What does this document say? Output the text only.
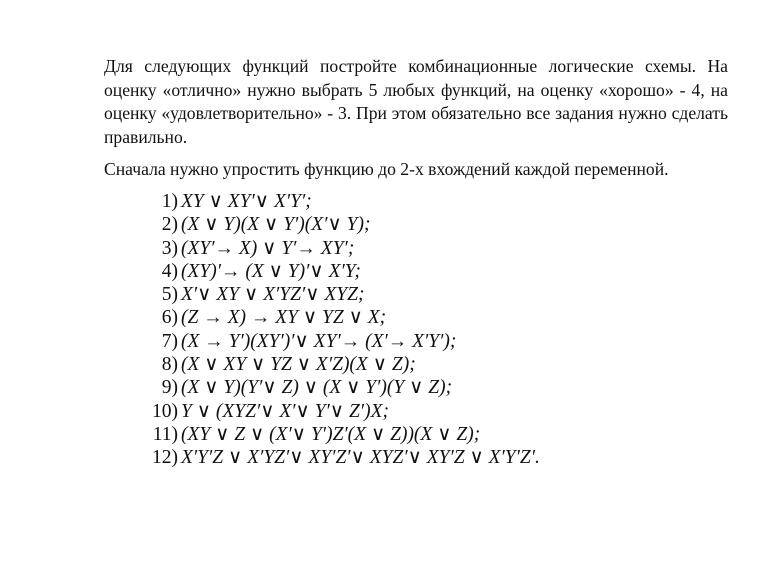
Для следующих функций постройте комбинационные логические схемы. На оценку «отлично» нужно выбрать 5 любых функций, на оценку «хорошо» - 4, на оценку «удовлетворительно» - 3. При этом обязательно все задания нужно сделать правильно.

Сначала нужно упростить функцию до 2-х вхождений каждой переменной.

1) XY ∨ XY′∨ X′Y′;
2) (X ∨ Y)(X ∨ Y′)(X′∨ Y);
3) (XY′→ X) ∨ Y′→ XY′;
4) (XY)′→ (X ∨ Y)′∨ X′Y;
5) X′∨ XY ∨ X′YZ′∨ XYZ;
6) (Z → X) → XY ∨ YZ ∨ X;
7) (X → Y′)(XY′)′∨ XY′→ (X′→ X′Y′);
8) (X ∨ XY ∨ YZ ∨ X′Z)(X ∨ Z);
9) (X ∨ Y)(Y′∨ Z) ∨ (X ∨ Y′)(Y ∨ Z);
10) Y ∨ (XYZ′∨ X′∨ Y′∨ Z′)X;
11) (XY ∨ Z ∨ (X′∨ Y′)Z′(X ∨ Z))(X ∨ Z);
12) X′Y′Z ∨ X′YZ′∨ XY′Z′∨ XYZ′∨ XY′Z ∨ X′Y′Z′.
